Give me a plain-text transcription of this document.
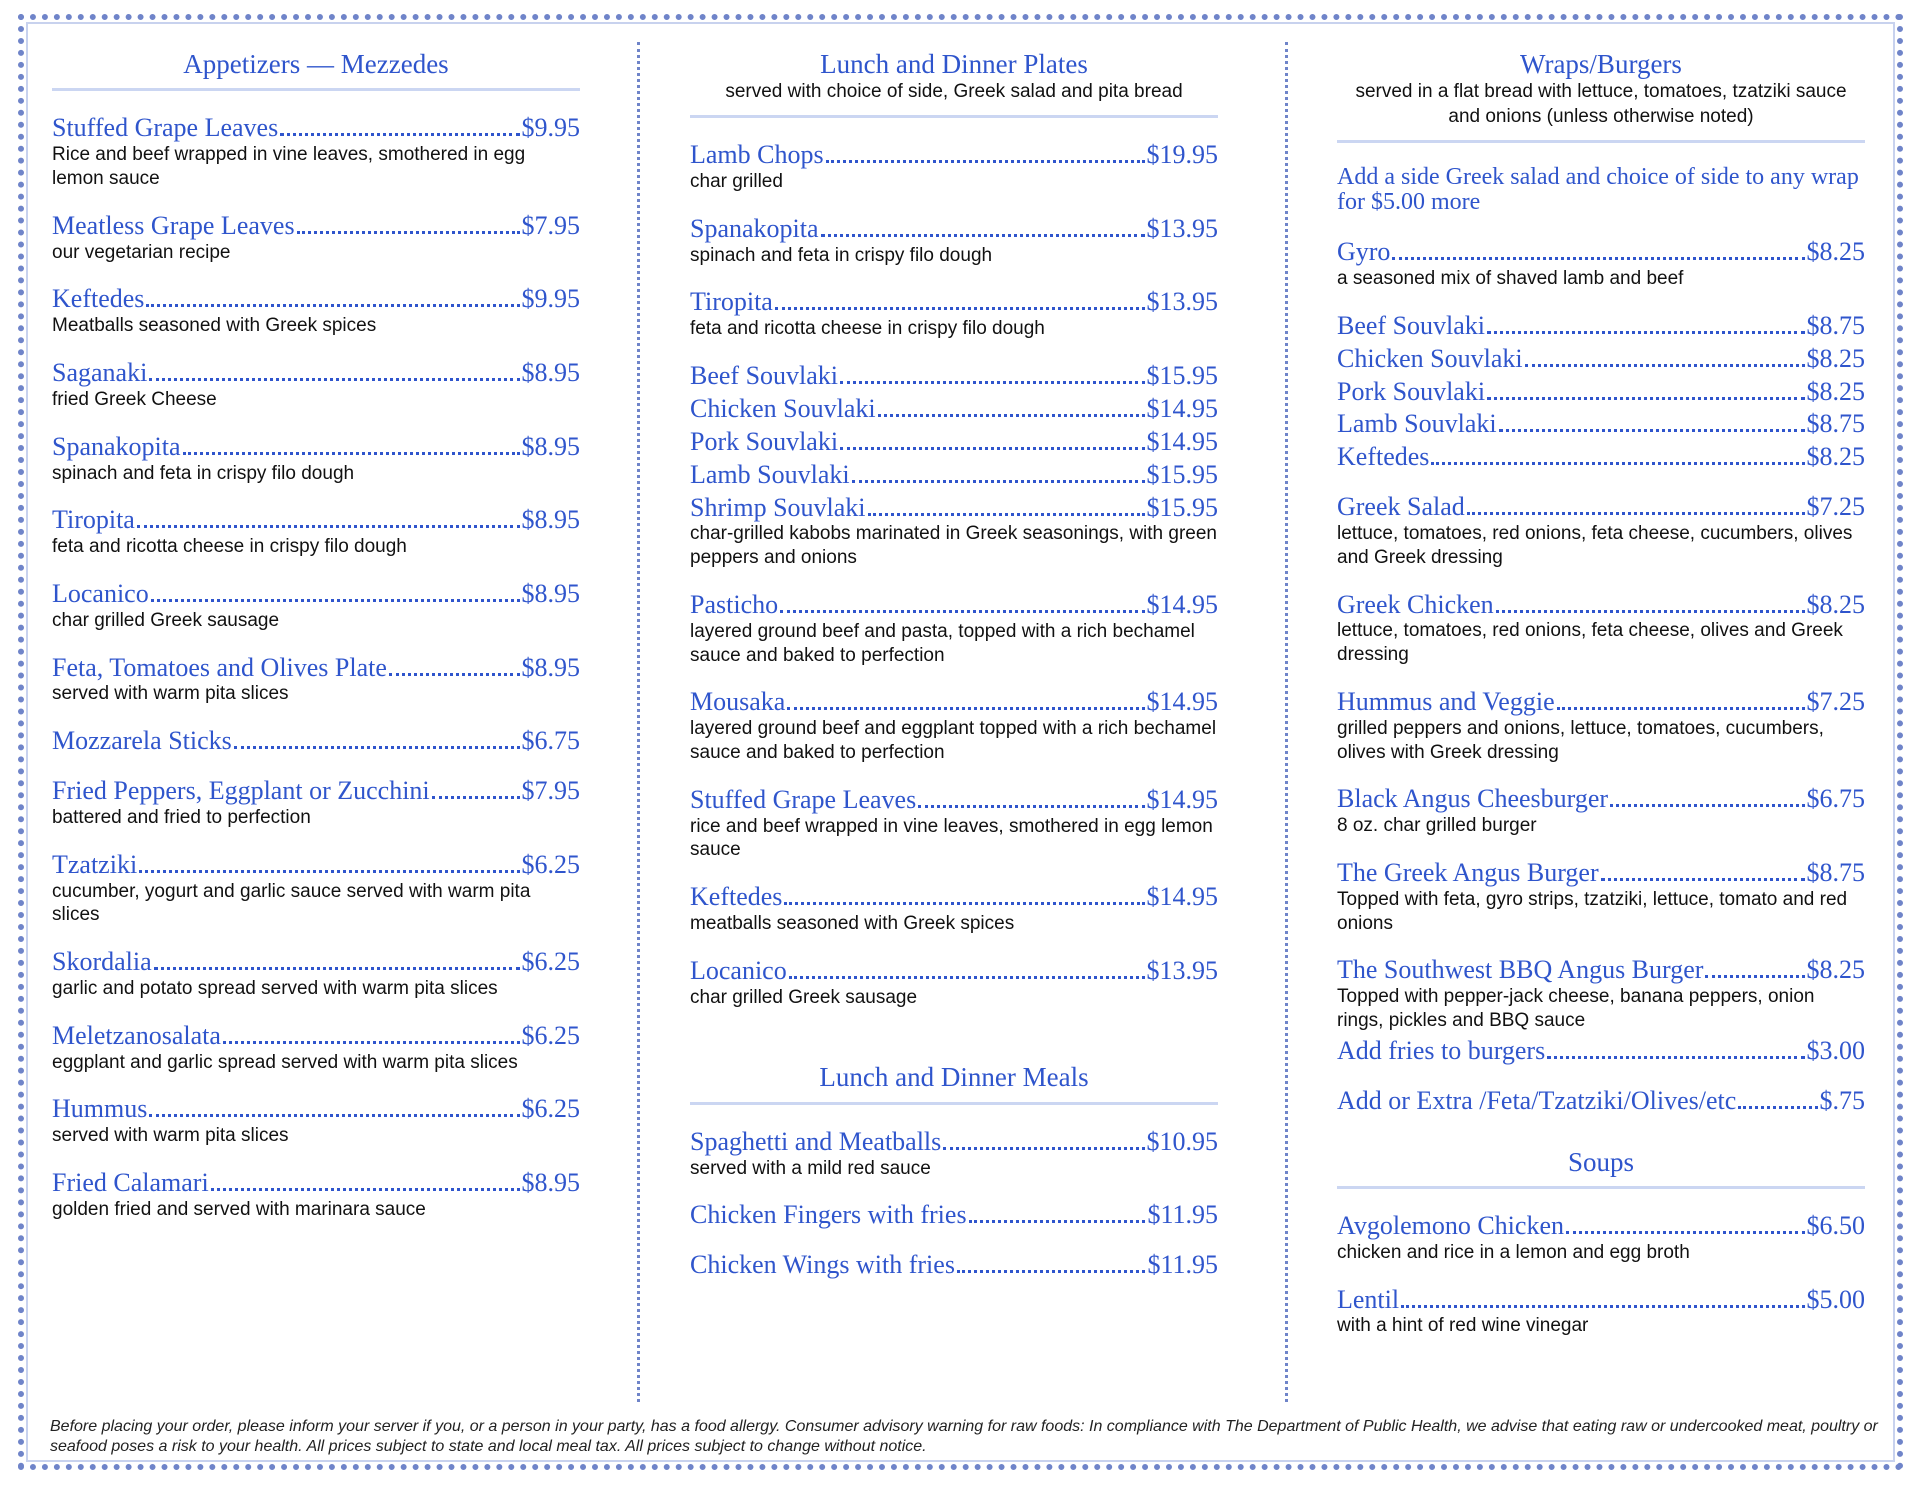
Appetizers — Mezzedes
Stuffed Grape Leaves	$9.95
Rice and beef wrapped in vine leaves, smothered in egg lemon sauce
Meatless Grape Leaves	$7.95
our vegetarian recipe
Keftedes	$9.95
Meatballs seasoned with Greek spices
Saganaki	$8.95
fried Greek Cheese
Spanakopita	$8.95
spinach and feta in crispy filo dough
Tiropita	$8.95
feta and ricotta cheese in crispy filo dough
Locanico	$8.95
char grilled Greek sausage
Feta, Tomatoes and Olives Plate	$8.95
served with warm pita slices
Mozzarela Sticks	$6.75
Fried Peppers, Eggplant or Zucchini	$7.95
battered and fried to perfection
Tzatziki	$6.25
cucumber, yogurt and garlic sauce served with warm pita slices
Skordalia	$6.25
garlic and potato spread served with warm pita slices
Meletzanosalata	$6.25
eggplant and garlic spread served with warm pita slices
Hummus	$6.25
served with warm pita slices
Fried Calamari	$8.95
golden fried and served with marinara sauce
Lunch and Dinner Plates
served with choice of side, Greek salad and pita bread
Lamb Chops	$19.95
char grilled
Spanakopita	$13.95
spinach and feta in crispy filo dough
Tiropita	$13.95
feta and ricotta cheese in crispy filo dough
Beef Souvlaki	$15.95
Chicken Souvlaki	$14.95
Pork Souvlaki	$14.95
Lamb Souvlaki	$15.95
Shrimp Souvlaki	$15.95
char-grilled kabobs marinated in Greek seasonings, with green peppers and onions
Pasticho	$14.95
layered ground beef and pasta, topped with a rich bechamel sauce and baked to perfection
Mousaka	$14.95
layered ground beef and eggplant topped with a rich bechamel sauce and baked to perfection
Stuffed Grape Leaves	$14.95
rice and beef wrapped in vine leaves, smothered in egg lemon sauce
Keftedes	$14.95
meatballs seasoned with Greek spices
Locanico	$13.95
char grilled Greek sausage
Lunch and Dinner Meals
Spaghetti and Meatballs	$10.95
served with a mild red sauce
Chicken Fingers with fries	$11.95
Chicken Wings with fries	$11.95
Wraps/Burgers
served in a flat bread with lettuce, tomatoes, tzatziki sauce and onions (unless otherwise noted)
Add a side Greek salad and choice of side to any wrap for $5.00 more
Gyro	$8.25
a seasoned mix of shaved lamb and beef
Beef Souvlaki	$8.75
Chicken Souvlaki	$8.25
Pork Souvlaki	$8.25
Lamb Souvlaki	$8.75
Keftedes	$8.25
Greek Salad	$7.25
lettuce, tomatoes, red onions, feta cheese, cucumbers, olives and Greek dressing
Greek Chicken	$8.25
lettuce, tomatoes, red onions, feta cheese, olives and Greek dressing
Hummus and Veggie	$7.25
grilled peppers and onions, lettuce, tomatoes, cucumbers, olives with Greek dressing
Black Angus Cheesburger	$6.75
8 oz. char grilled burger
The Greek Angus Burger	$8.75
Topped with feta, gyro strips, tzatziki, lettuce, tomato and red onions
The Southwest BBQ Angus Burger	$8.25
Topped with pepper-jack cheese, banana peppers, onion rings, pickles and BBQ sauce
Add fries to burgers	$3.00
Add or Extra /Feta/Tzatziki/Olives/etc	$.75
Soups
Avgolemono Chicken	$6.50
chicken and rice in a lemon and egg broth
Lentil	$5.00
with a hint of red wine vinegar
Before placing your order, please inform your server if you, or a person in your party, has a food allergy. Consumer advisory warning for raw foods: In compliance with The Department of Public Health, we advise that eating raw or undercooked meat, poultry or seafood poses a risk to your health. All prices subject to state and local meal tax. All prices subject to change without notice.
